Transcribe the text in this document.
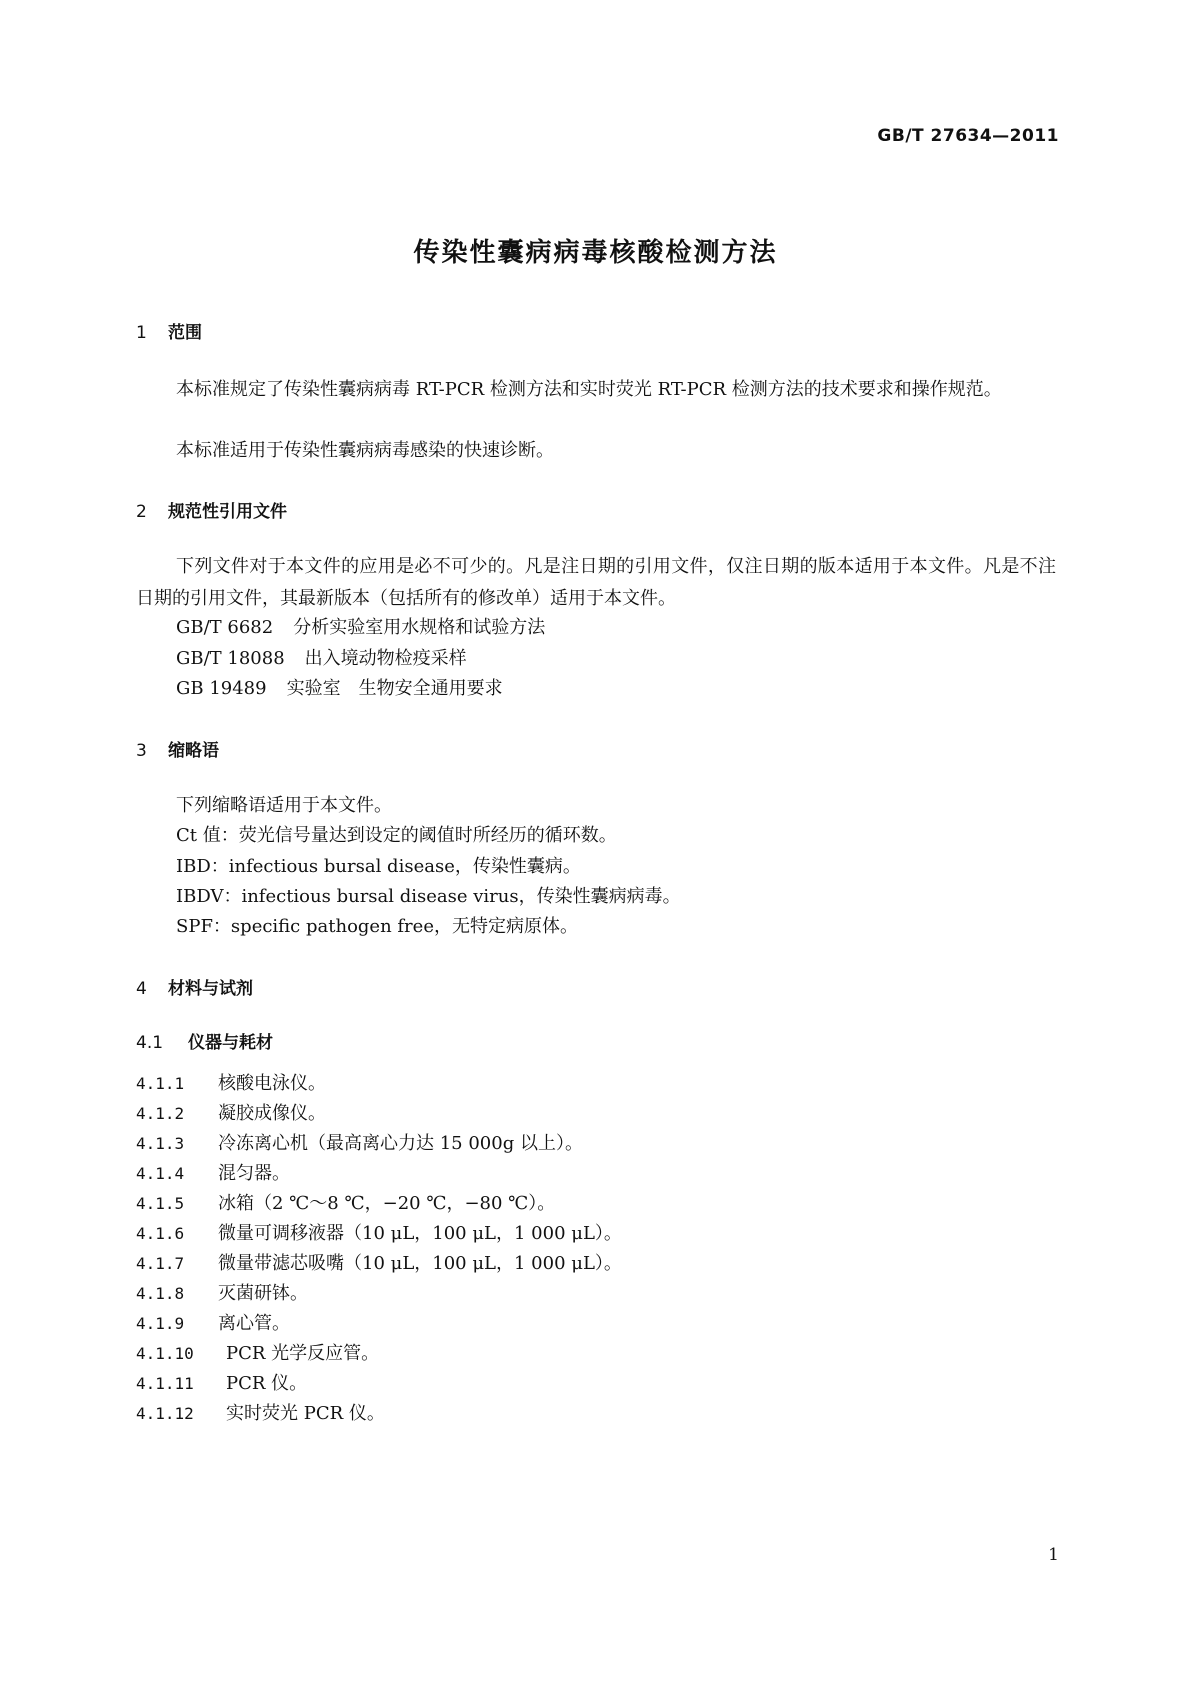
GB/T 27634—2011
传染性囊病病毒核酸检测方法
1 范围

本标准规定了传染性囊病病毒 RT-PCR 检测方法和实时荧光 RT-PCR 检测方法的技术要求和操作规范。

本标准适用于传染性囊病病毒感染的快速诊断。

2 规范性引用文件

下列文件对于本文件的应用是必不可少的。凡是注日期的引用文件，仅注日期的版本适用于本文件。凡是不注日期的引用文件，其最新版本（包括所有的修改单）适用于本文件。

GB/T 6682 分析实验室用水规格和试验方法

GB/T 18088 出入境动物检疫采样

GB 19489 实验室　生物安全通用要求

3 缩略语

下列缩略语适用于本文件。

Ct 值：荧光信号量达到设定的阈值时所经历的循环数。

IBD：infectious bursal disease，传染性囊病。

IBDV：infectious bursal disease virus，传染性囊病病毒。

SPF：specific pathogen free，无特定病原体。

4 材料与试剂
4.1 仪器与耗材

4.1.1 核酸电泳仪。

4.1.2 凝胶成像仪。

4.1.3 冷冻离心机（最高离心力达 15 000g 以上）。

4.1.4 混匀器。

4.1.5 冰箱（2 ℃～8 ℃，−20 ℃，−80 ℃）。

4.1.6 微量可调移液器（10 μL，100 μL，1 000 μL）。

4.1.7 微量带滤芯吸嘴（10 μL，100 μL，1 000 μL）。

4.1.8 灭菌研钵。

4.1.9 离心管。

4.1.10 PCR 光学反应管。

4.1.11 PCR 仪。

4.1.12 实时荧光 PCR 仪。

1
